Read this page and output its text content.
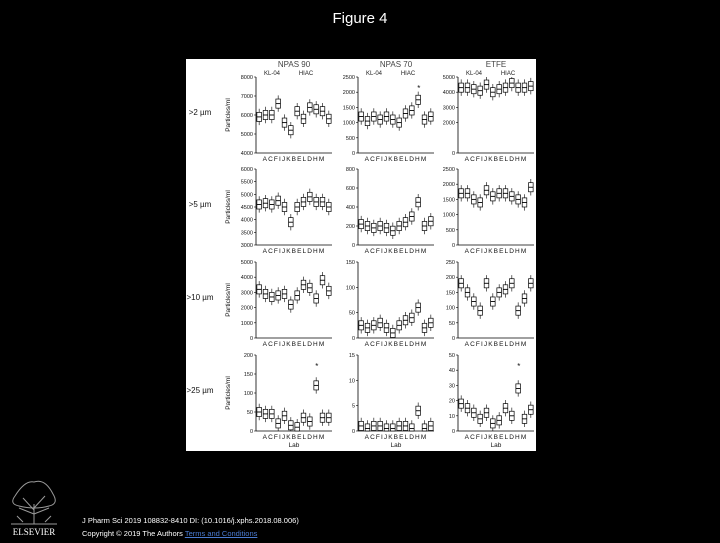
Figure 4
NPAS 90
KL-04	HIAC
NPAS 70
KL-04	HIAC
ETFE
KL-04	HIAC
>2 µm
>5 µm
>10 µm
>25 µm
4000
5000
6000
7000
8000
Particles/ml
ACFIJKBELDHM
0
500
1000
1500
2000
2500
ACFIJKBELDHM
0
2000
3000
4000
5000
ACFIJKBELDHM
3000
3500
4000
4500
5000
5500
6000
Particles/ml
ACFIJKBELDHM
0
200
400
600
800
ACFIJKBELDHM
0
500
1000
1500
2000
2500
ACFIJKBELDHM
0
1000
2000
3000
4000
5000
Particles/ml
ACFIJKBELDHM
0
50
100
150
ACFIJKBELDHM
0
50
100
150
200
250
ACFIJKBELDHM
0
50
100
150
200
Particles/ml
ACFIJKBELDHM
Lab
0
5
10
15
ACFIJKBELDHM
Lab
0
10
20
30
40
50
ACFIJKBELDHM
Lab
*
*
*
ELSEVIER
J Pharm Sci 2019 108832-8410 DI: (10.1016/j.xphs.2018.08.006)
Copyright © 2019 The Authors Terms and Conditions
